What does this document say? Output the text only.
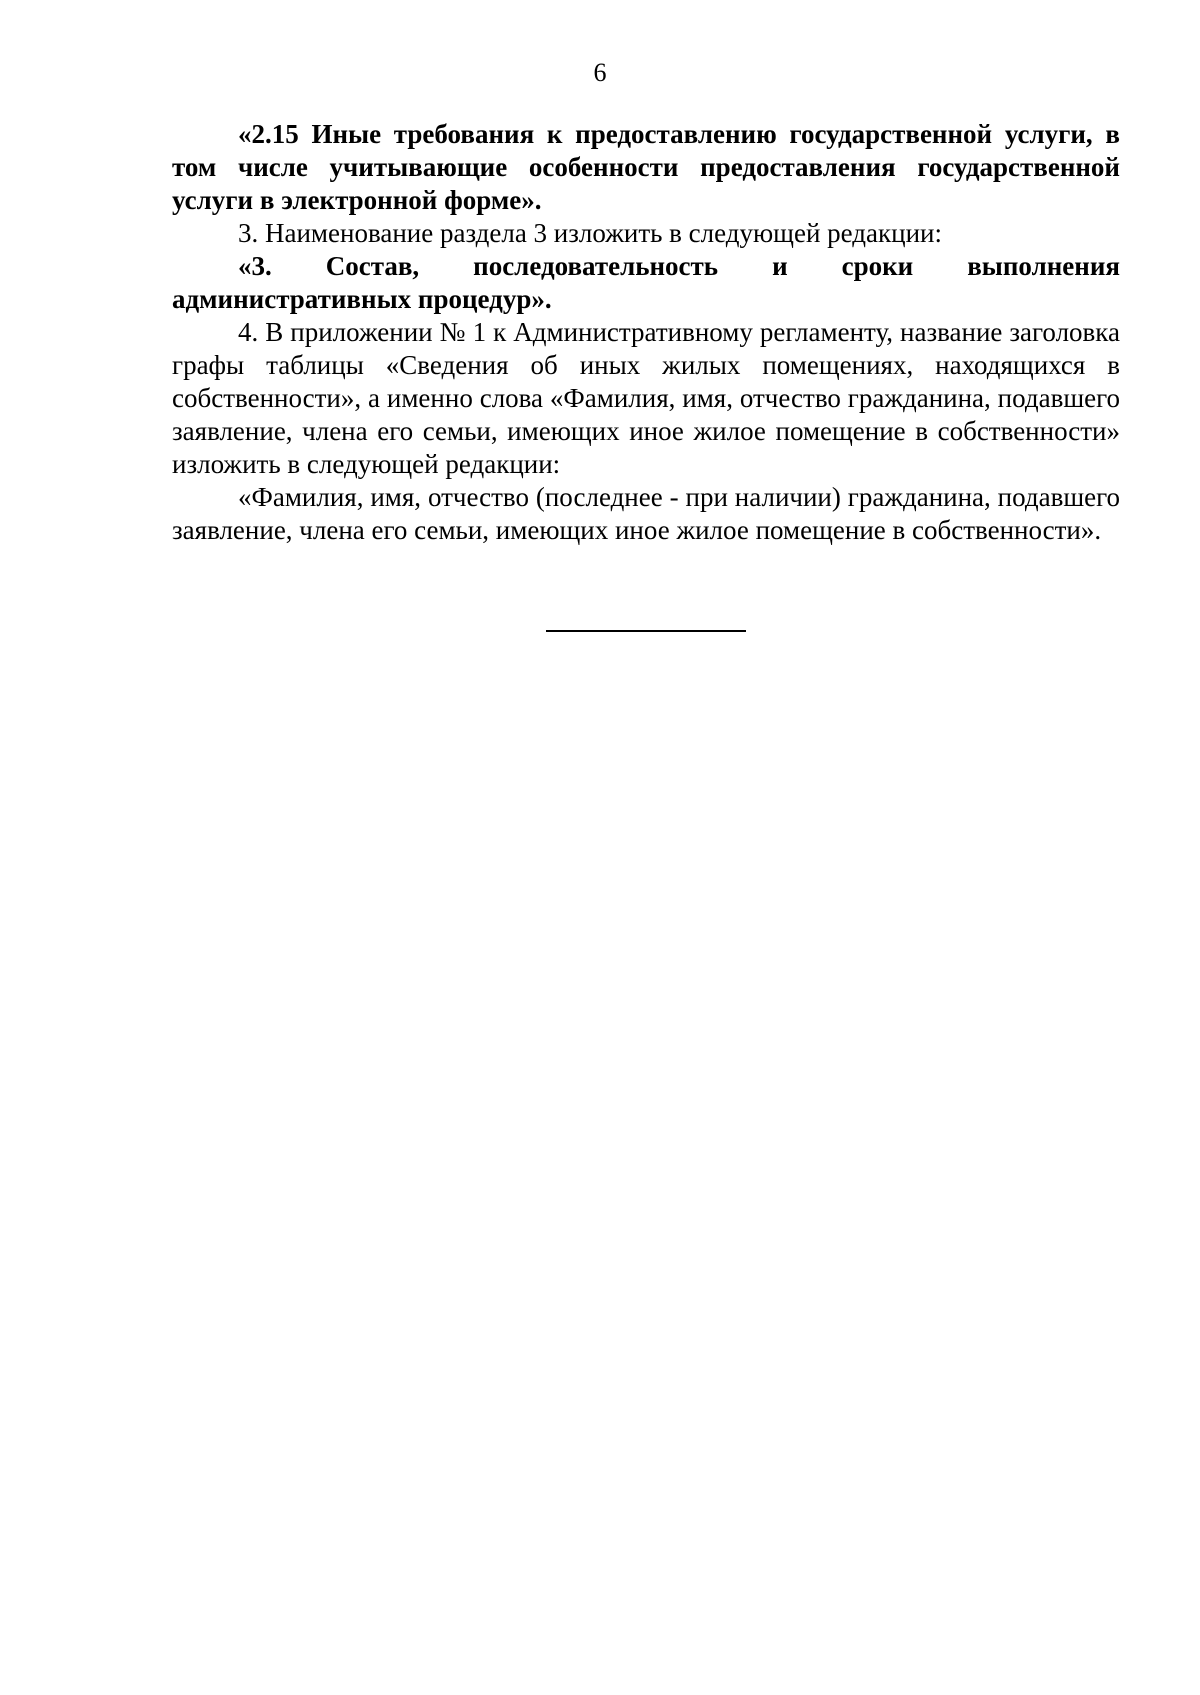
6

«2.15 Иные требования к предоставлению государственной услуги, в том числе учитывающие особенности предоставления государственной услуги в электронной форме».

3. Наименование раздела 3 изложить в следующей редакции:

«3. Состав, последовательность и сроки выполнения административных процедур».

4. В приложении № 1 к Административному регламенту, название заголовка графы таблицы «Сведения об иных жилых помещениях, находящихся в собственности», а именно слова «Фамилия, имя, отчество гражданина, подавшего заявление, члена его семьи, имеющих иное жилое помещение в собственности» изложить в следующей редакции:

«Фамилия, имя, отчество (последнее - при наличии) гражданина, подавшего заявление, члена его семьи, имеющих иное жилое помещение в собственности».
